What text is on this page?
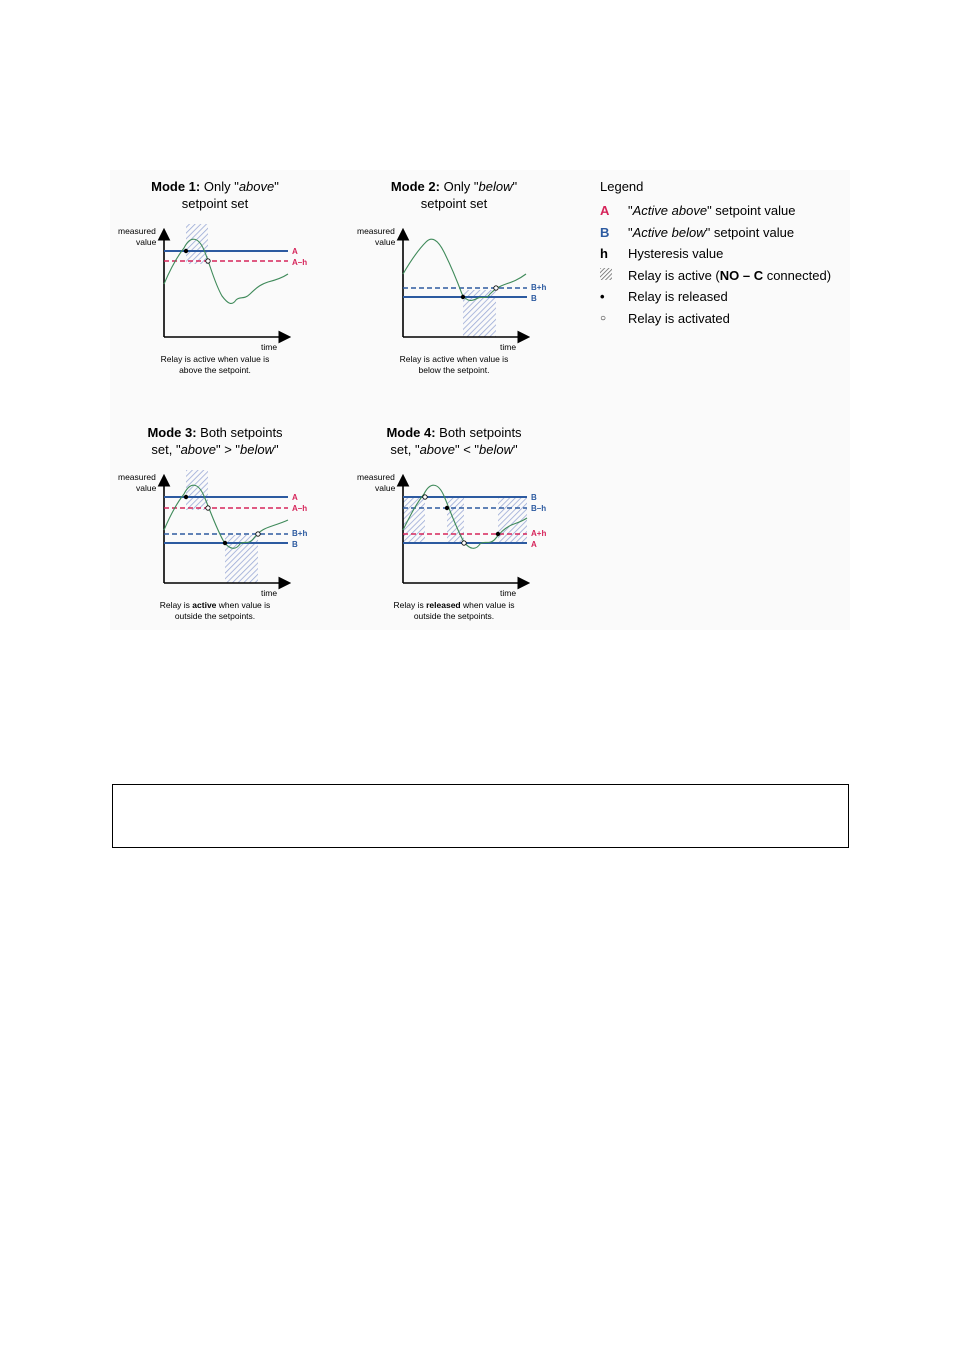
Mode 1: Only "above"
setpoint set
Mode 2: Only "below"
setpoint set
Mode 3: Both setpoints
set, "above" > "below"
Mode 4: Both setpoints
set, "above" < "below"
measured
value
time
A
A–h
Relay is active when value is
above the setpoint.
measured
value
time
B+h
B
Relay is active when value is
below the setpoint.
measured
value
time
A
A–h
B+h
B
Relay is active when value is
outside the setpoints.
measured
value
time
B
B–h
A+h
A
Relay is released when value is
outside the setpoints.
Legend
A	"Active above" setpoint value
B	"Active below" setpoint value
h	Hysteresis value
Relay is active (NO – C connected)
•	Relay is released
○	Relay is activated
